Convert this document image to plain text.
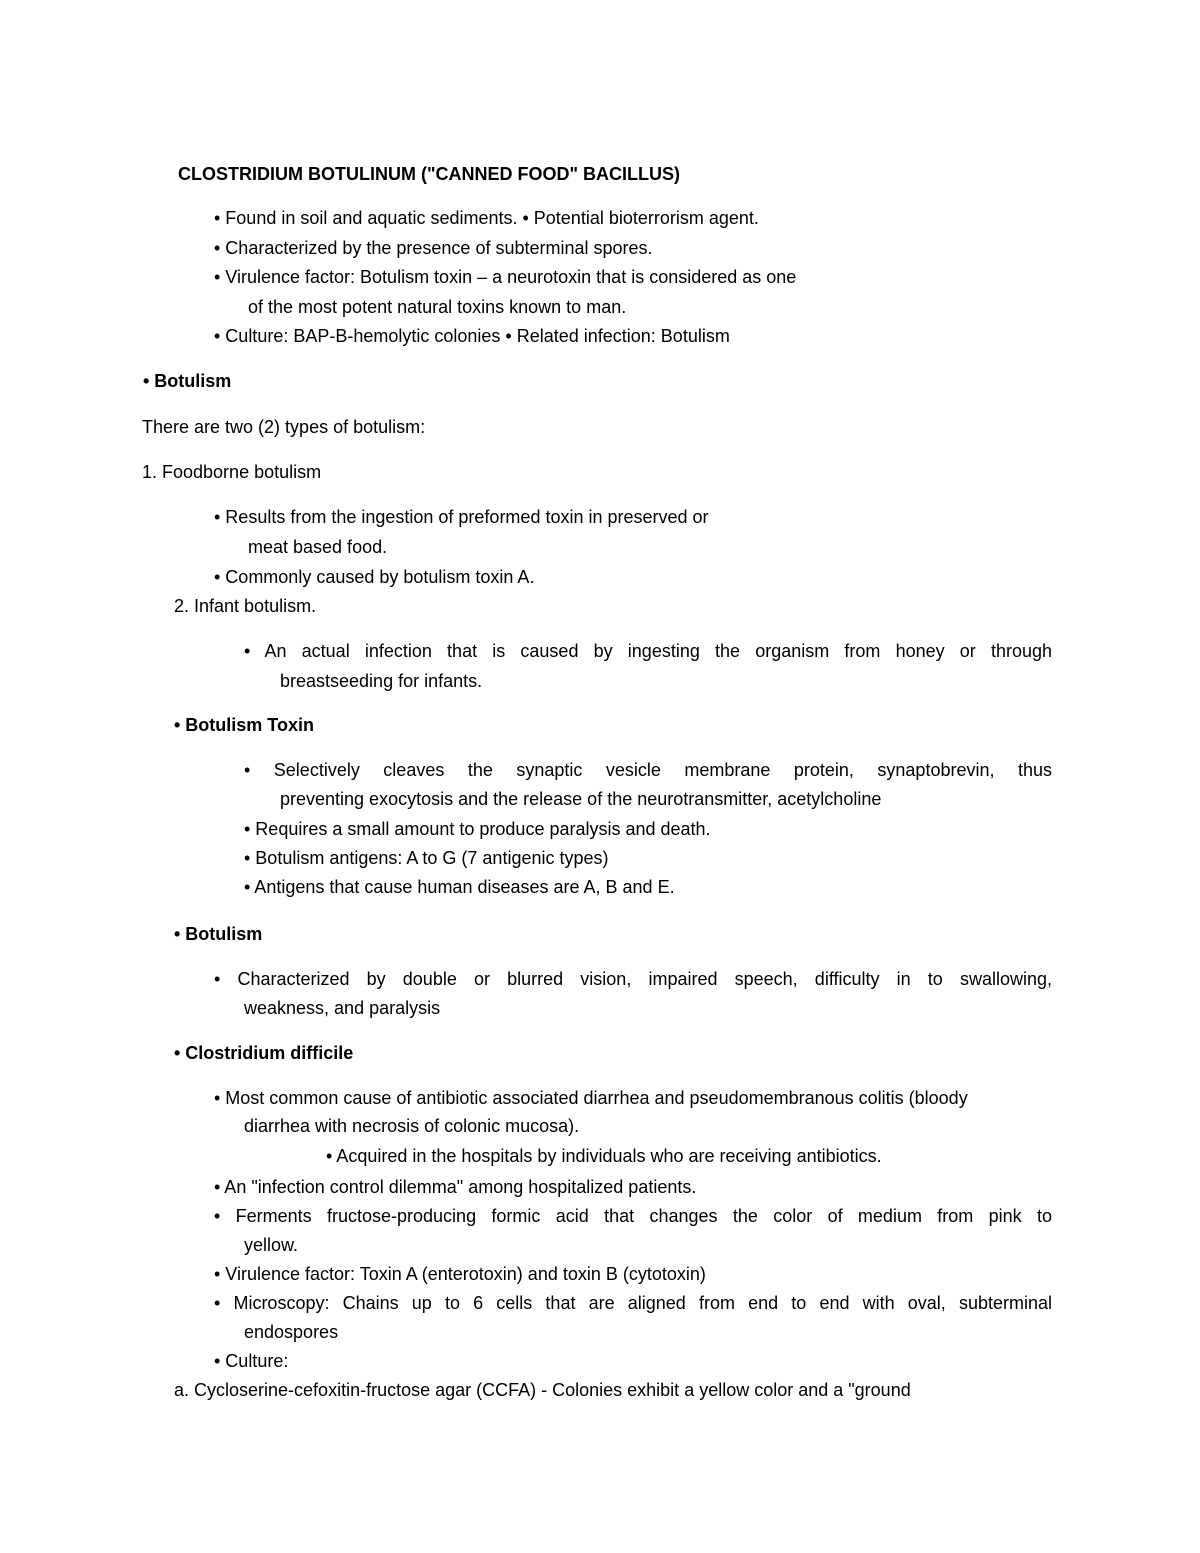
CLOSTRIDIUM BOTULINUM ("CANNED FOOD" BACILLUS)
• Found in soil and aquatic sediments. • Potential bioterrorism agent.
• Characterized by the presence of subterminal spores.
• Virulence factor: Botulism toxin – a neurotoxin that is considered as one
of the most potent natural toxins known to man.
• Culture: BAP-B-hemolytic colonies • Related infection: Botulism
• Botulism
There are two (2) types of botulism:
1. Foodborne botulism
• Results from the ingestion of preformed toxin in preserved or
meat based food.
• Commonly caused by botulism toxin A.
2. Infant botulism.
• An actual infection that is caused by ingesting the organism from honey or through
breastseeding for infants.
• Botulism Toxin
• Selectively cleaves the synaptic vesicle membrane protein, synaptobrevin, thus
preventing exocytosis and the release of the neurotransmitter, acetylcholine
• Requires a small amount to produce paralysis and death.
• Botulism antigens: A to G (7 antigenic types)
• Antigens that cause human diseases are A, B and E.
• Botulism
• Characterized by double or blurred vision, impaired speech, difficulty in to swallowing,
weakness, and paralysis
• Clostridium difficile
• Most common cause of antibiotic associated diarrhea and pseudomembranous colitis (bloody
diarrhea with necrosis of colonic mucosa).
• Acquired in the hospitals by individuals who are receiving antibiotics.
• An "infection control dilemma" among hospitalized patients.
• Ferments fructose-producing formic acid that changes the color of medium from pink to
yellow.
• Virulence factor: Toxin A (enterotoxin) and toxin B (cytotoxin)
• Microscopy: Chains up to 6 cells that are aligned from end to end with oval, subterminal
endospores
• Culture:
a. Cycloserine-cefoxitin-fructose agar (CCFA) - Colonies exhibit a yellow color and a "ground
